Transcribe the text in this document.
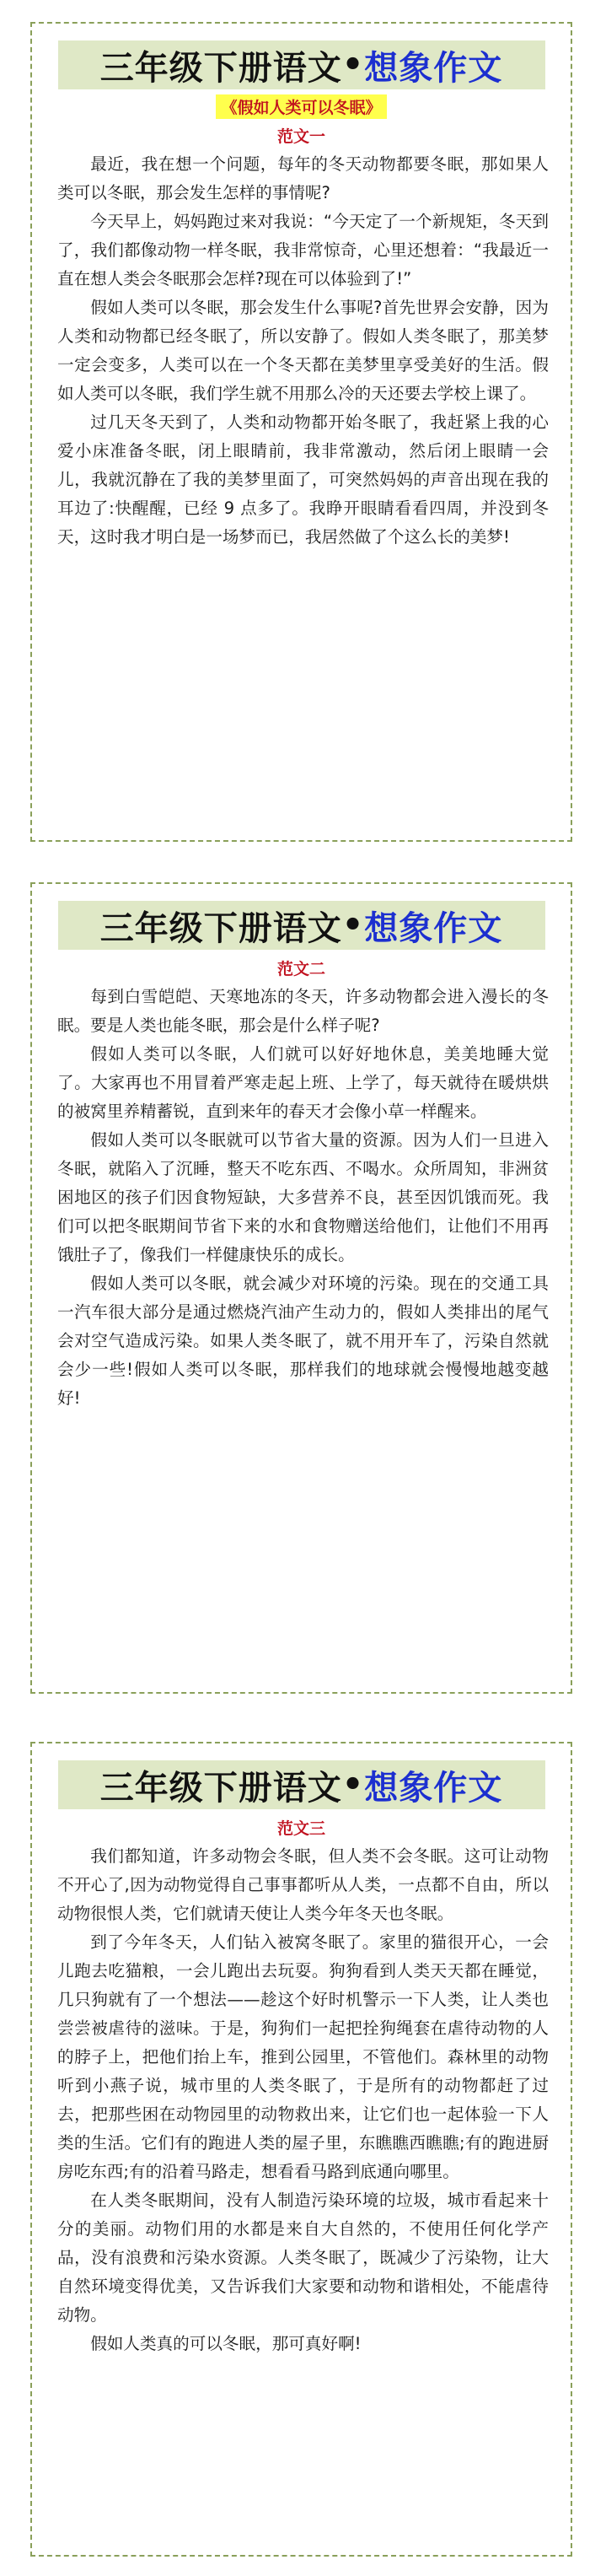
三年级下册语文 • 想象作文
《假如人类可以冬眠》
范文一

最近，我在想一个问题，每年的冬天动物都要冬眠，那如果人类可以冬眠，那会发生怎样的事情呢?

今天早上，妈妈跑过来对我说：“今天定了一个新规矩，冬天到了，我们都像动物一样冬眠，我非常惊奇，心里还想着：“我最近一直在想人类会冬眠那会怎样?现在可以体验到了!”

假如人类可以冬眠，那会发生什么事呢?首先世界会安静，因为人类和动物都已经冬眠了，所以安静了。假如人类冬眠了，那美梦一定会变多，人类可以在一个冬天都在美梦里享受美好的生活。假如人类可以冬眠，我们学生就不用那么冷的天还要去学校上课了。

过几天冬天到了，人类和动物都开始冬眠了，我赶紧上我的心爱小床准备冬眠，闭上眼睛前，我非常激动，然后闭上眼睛一会儿，我就沉静在了我的美梦里面了，可突然妈妈的声音出现在我的耳边了:快醒醒，已经 9 点多了。我睁开眼睛看看四周，并没到冬天，这时我才明白是一场梦而已，我居然做了个这么长的美梦!

三年级下册语文 • 想象作文
范文二

每到白雪皑皑、天寒地冻的冬天，许多动物都会进入漫长的冬眠。要是人类也能冬眠，那会是什么样子呢?

假如人类可以冬眠，人们就可以好好地休息，美美地睡大觉了。大家再也不用冒着严寒走起上班、上学了，每天就待在暖烘烘的被窝里养精蓄锐，直到来年的春天才会像小草一样醒来。

假如人类可以冬眠就可以节省大量的资源。因为人们一旦进入冬眠，就陷入了沉睡，整天不吃东西、不喝水。众所周知，非洲贫困地区的孩子们因食物短缺，大多营养不良，甚至因饥饿而死。我们可以把冬眠期间节省下来的水和食物赠送给他们，让他们不用再饿肚子了，像我们一样健康快乐的成长。

假如人类可以冬眠，就会减少对环境的污染。现在的交通工具一汽车很大部分是通过燃烧汽油产生动力的，假如人类排出的尾气会对空气造成污染。如果人类冬眠了，就不用开车了，污染自然就会少一些!假如人类可以冬眠，那样我们的地球就会慢慢地越变越好!

三年级下册语文 • 想象作文
范文三

我们都知道，许多动物会冬眠，但人类不会冬眠。这可让动物不开心了,因为动物觉得自己事事都听从人类，一点都不自由，所以动物很恨人类，它们就请天使让人类今年冬天也冬眠。

到了今年冬天，人们钻入被窝冬眠了。家里的猫很开心，一会儿跑去吃猫粮，一会儿跑出去玩耍。狗狗看到人类天天都在睡觉，几只狗就有了一个想法——趁这个好时机警示一下人类，让人类也尝尝被虐待的滋味。于是，狗狗们一起把拴狗绳套在虐待动物的人的脖子上，把他们抬上车，推到公园里，不管他们。森林里的动物听到小燕子说，城市里的人类冬眠了，于是所有的动物都赶了过去，把那些困在动物园里的动物救出来，让它们也一起体验一下人类的生活。它们有的跑进人类的屋子里，东瞧瞧西瞧瞧;有的跑进厨房吃东西;有的沿着马路走，想看看马路到底通向哪里。

在人类冬眠期间，没有人制造污染环境的垃圾，城市看起来十分的美丽。动物们用的水都是来自大自然的，不使用任何化学产品，没有浪费和污染水资源。人类冬眠了，既减少了污染物，让大自然环境变得优美，又告诉我们大家要和动物和谐相处，不能虐待动物。

假如人类真的可以冬眠，那可真好啊!
